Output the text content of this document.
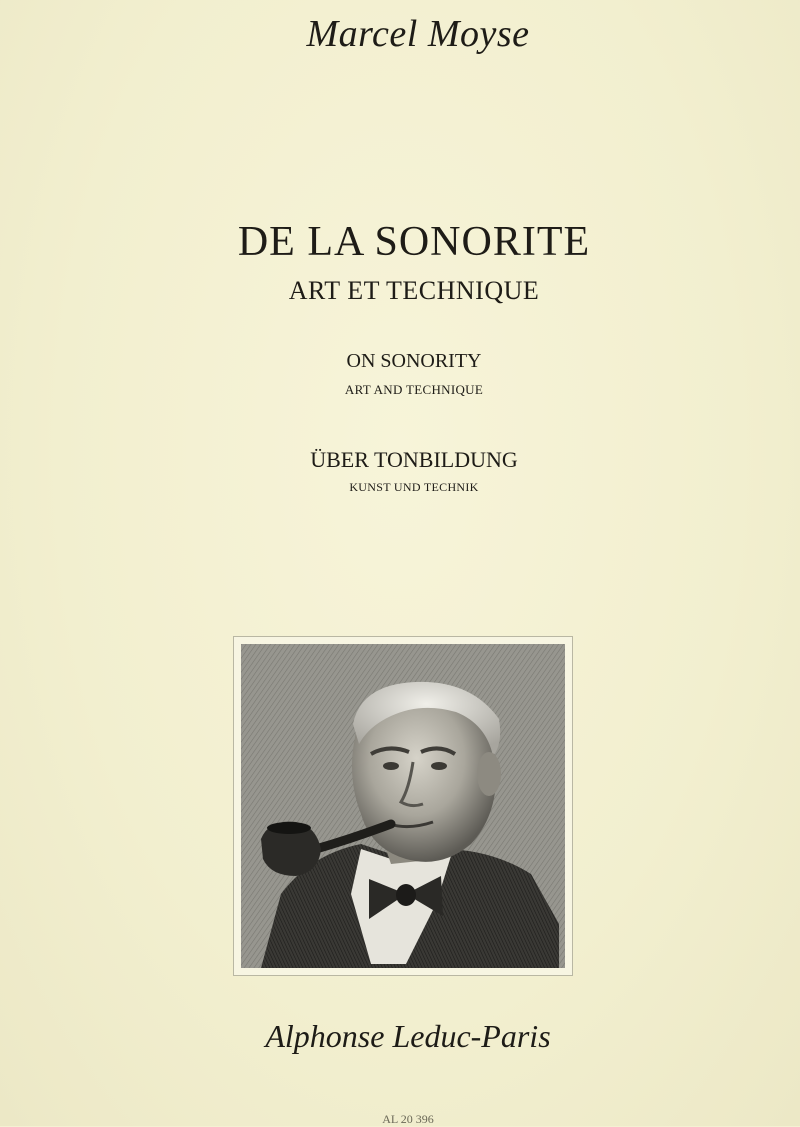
Marcel Moyse
DE LA SONORITE
ART ET TECHNIQUE
ON SONORITY
ART AND TECHNIQUE
ÜBER TONBILDUNG
KUNST UND TECHNIK
Alphonse Leduc-Paris
AL 20 396
